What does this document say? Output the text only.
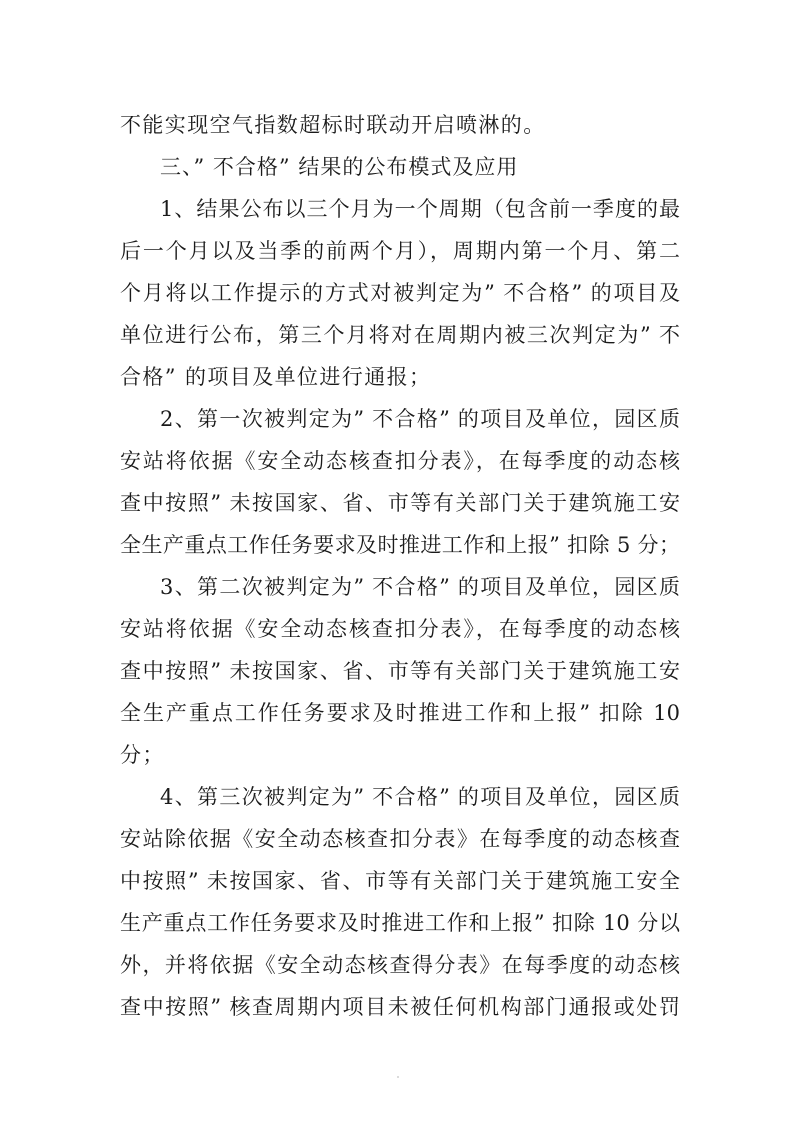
不能实现空气指数超标时联动开启喷淋的。
三、” 不合格” 结果的公布模式及应用
1、结果公布以三个月为一个周期（包含前一季度的最
后一个月以及当季的前两个月），周期内第一个月、第二
个月将以工作提示的方式对被判定为” 不合格” 的项目及
单位进行公布，第三个月将对在周期内被三次判定为” 不
合格” 的项目及单位进行通报；
2、第一次被判定为” 不合格” 的项目及单位，园区质
安站将依据《安全动态核查扣分表》，在每季度的动态核
查中按照” 未按国家、省、市等有关部门关于建筑施工安
全生产重点工作任务要求及时推进工作和上报” 扣除 5 分；
3、第二次被判定为” 不合格” 的项目及单位，园区质
安站将依据《安全动态核查扣分表》，在每季度的动态核
查中按照” 未按国家、省、市等有关部门关于建筑施工安
全生产重点工作任务要求及时推进工作和上报” 扣除 10
分；
4、第三次被判定为” 不合格” 的项目及单位，园区质
安站除依据《安全动态核查扣分表》在每季度的动态核查
中按照” 未按国家、省、市等有关部门关于建筑施工安全
生产重点工作任务要求及时推进工作和上报” 扣除 10 分以
外，并将依据《安全动态核查得分表》在每季度的动态核
查中按照” 核查周期内项目未被任何机构部门通报或处罚
